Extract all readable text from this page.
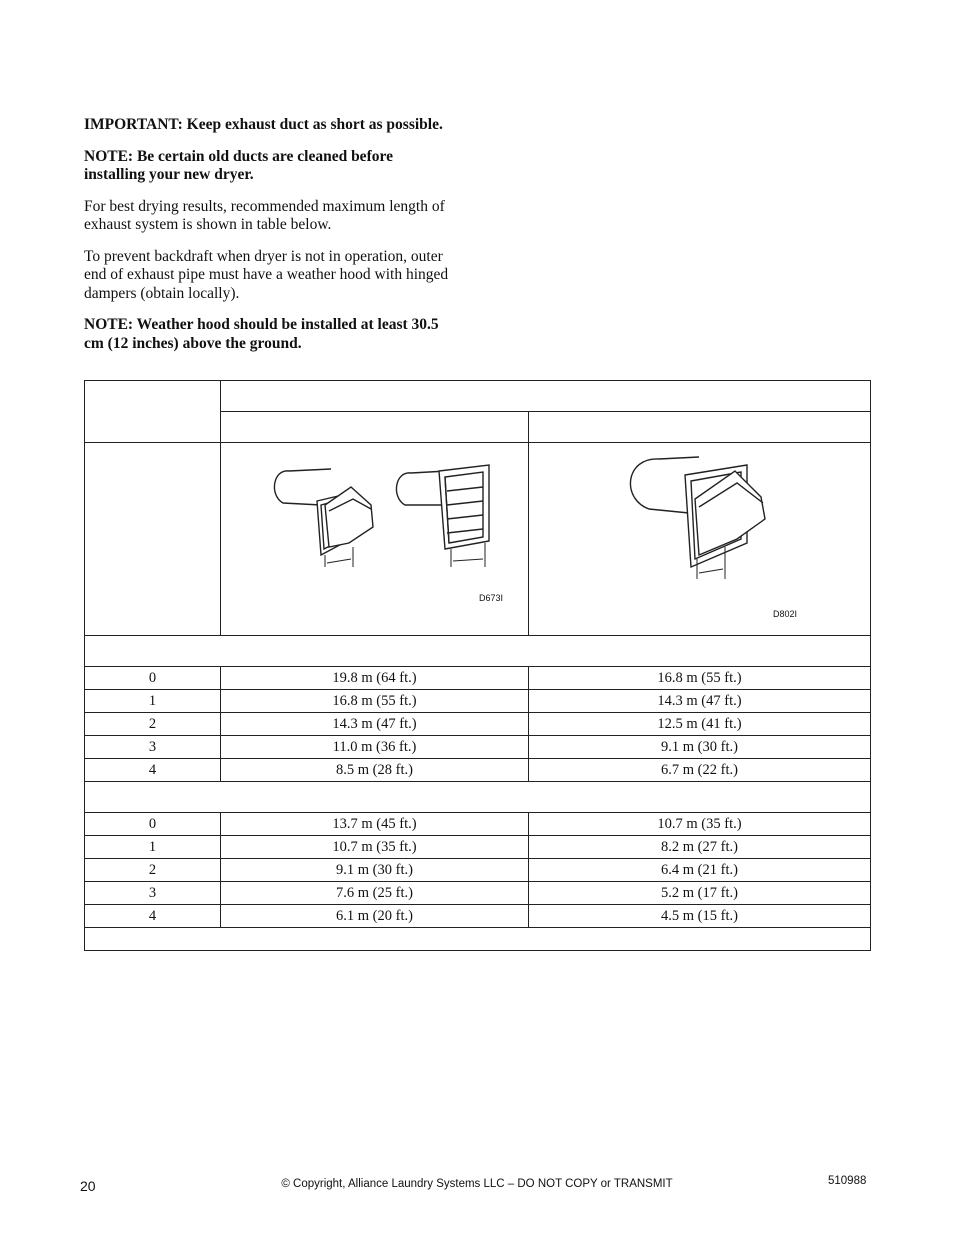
IMPORTANT: Keep exhaust duct as short as possible.

NOTE: Be certain old ducts are cleaned before installing your new dryer.

For best drying results, recommended maximum length of exhaust system is shown in table below.

To prevent backdraft when dryer is not in operation, outer end of exhaust pipe must have a weather hood with hinged dampers (obtain locally).

NOTE: Weather hood should be installed at least 30.5 cm (12 inches) above the ground.

	D673I	D802I

0	19.8 m (64 ft.)	16.8 m (55 ft.)
1	16.8 m (55 ft.)	14.3 m (47 ft.)
2	14.3 m (47 ft.)	12.5 m (41 ft.)
3	11.0 m (36 ft.)	9.1 m (30 ft.)
4	8.5 m (28 ft.)	6.7 m (22 ft.)

0	13.7 m (45 ft.)	10.7 m (35 ft.)
1	10.7 m (35 ft.)	8.2 m (27 ft.)
2	9.1 m (30 ft.)	6.4 m (21 ft.)
3	7.6 m (25 ft.)	5.2 m (17 ft.)
4	6.1 m (20 ft.)	4.5 m (15 ft.)

20	© Copyright, Alliance Laundry Systems LLC – DO NOT COPY or TRANSMIT	510988
